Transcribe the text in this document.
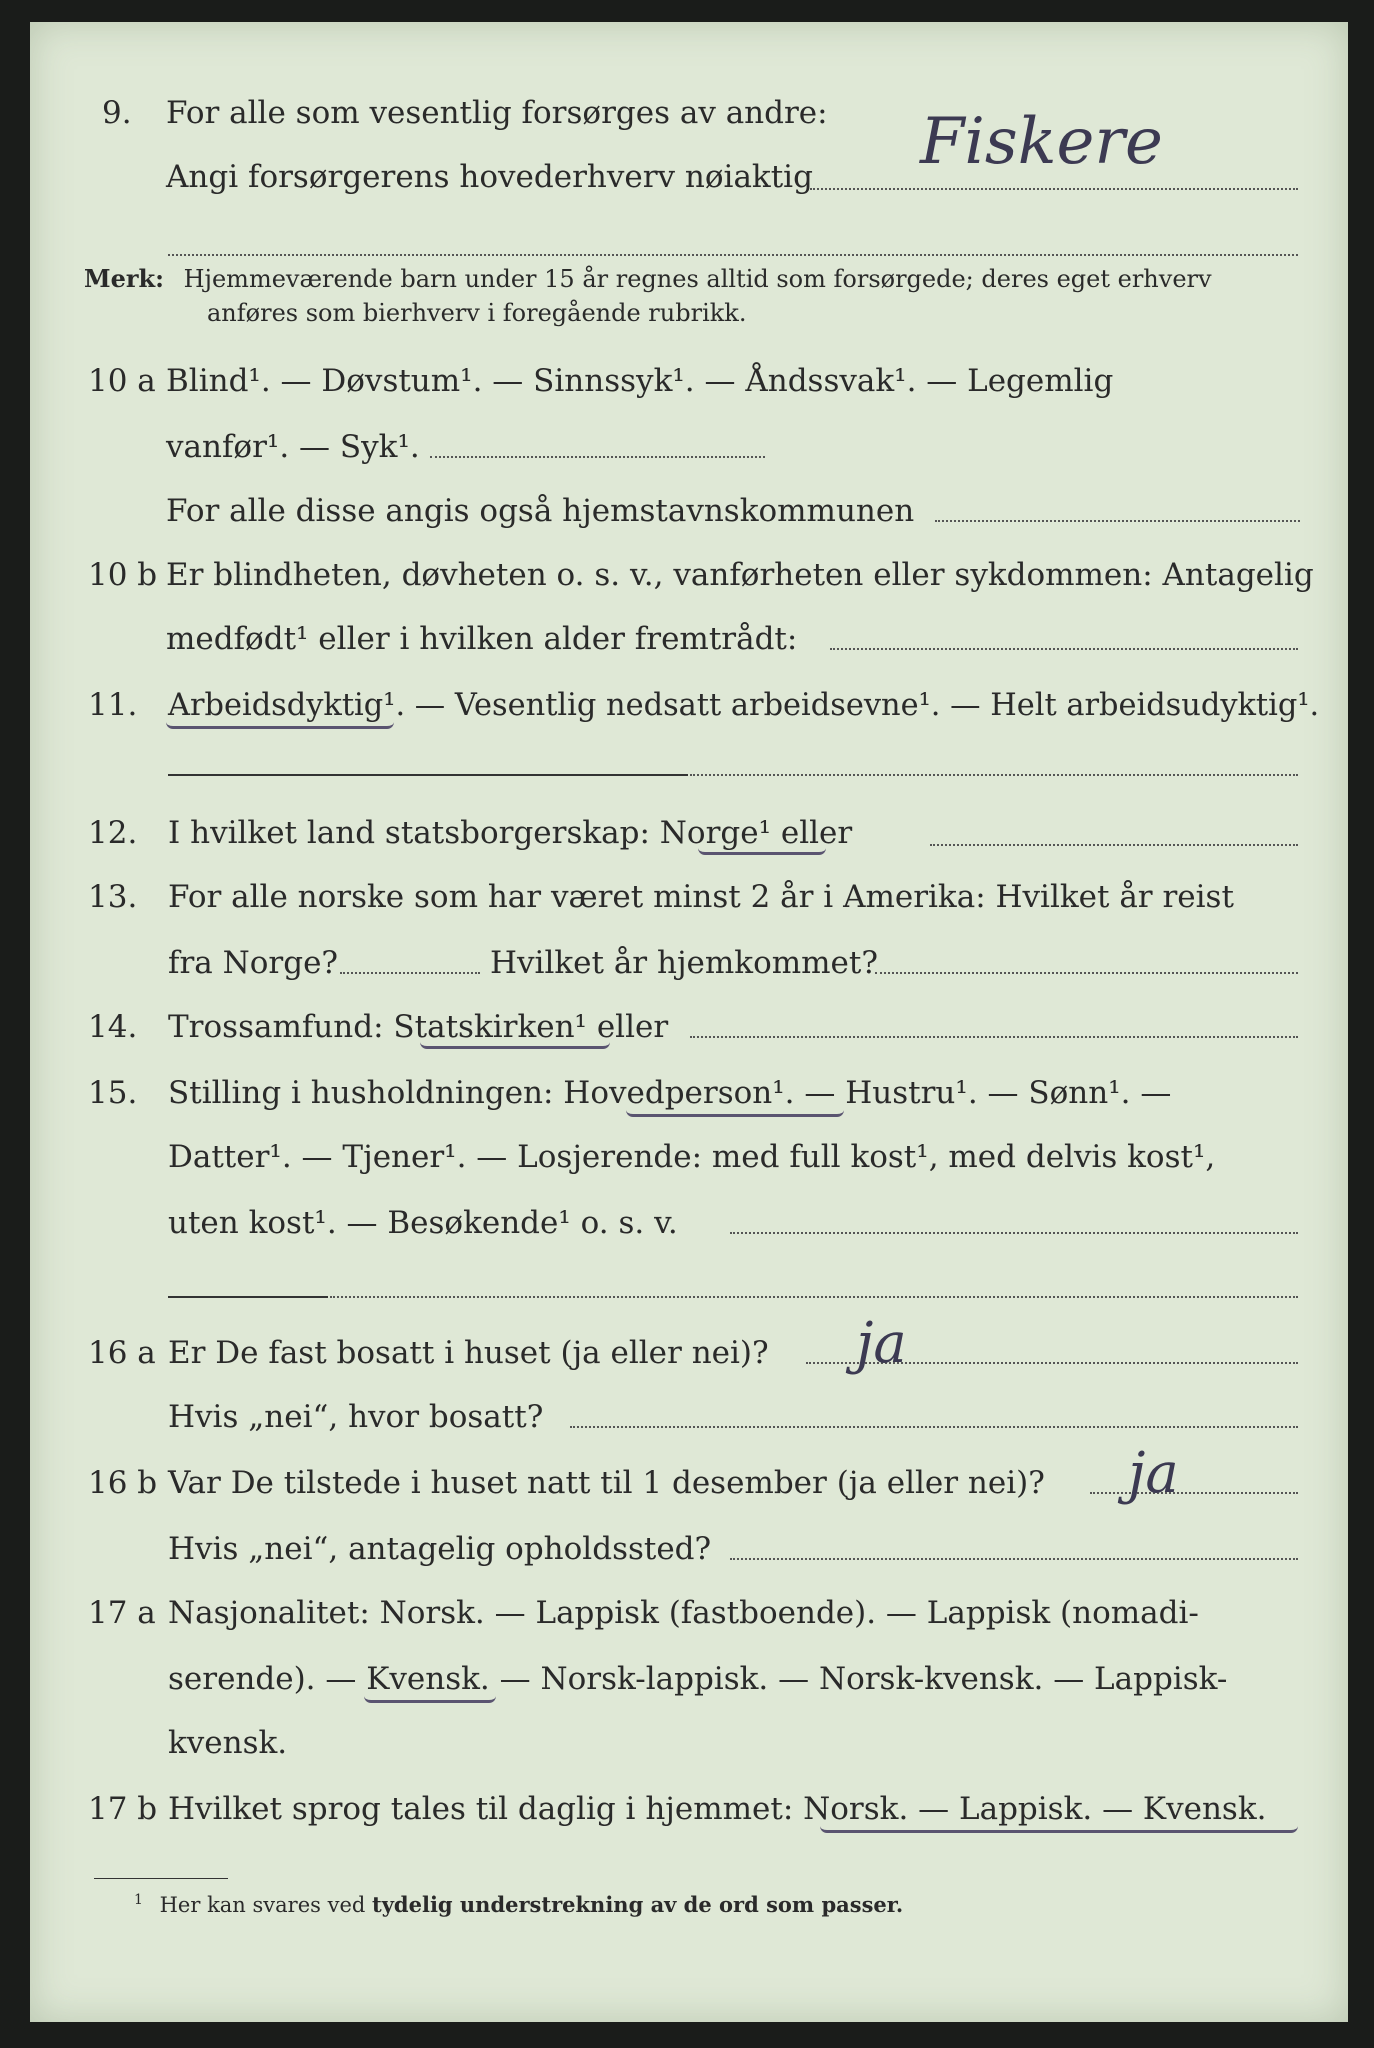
9. For alle som vesentlig forsørges av andre:
Angi forsørgerens hovederhverv nøiaktig Fiskere
Merk: Hjemmeværende barn under 15 år regnes alltid som forsørgede; deres eget erhverv
anføres som bierhverv i foregående rubrikk.
10 a Blind¹. — Døvstum¹. — Sinnssyk¹. — Åndssvak¹. — Legemlig
vanfør¹. — Syk¹.
For alle disse angis også hjemstavnskommunen
10 b Er blindheten, døvheten o. s. v., vanførheten eller sykdommen: Antagelig
medfødt¹ eller i hvilken alder fremtrådt:
11. Arbeidsdyktig¹. — Vesentlig nedsatt arbeidsevne¹. — Helt arbeidsudyktig¹.
12. I hvilket land statsborgerskap: Norge¹ eller
13. For alle norske som har været minst 2 år i Amerika: Hvilket år reist
fra Norge?	Hvilket år hjemkommet?
14. Trossamfund: Statskirken¹ eller
15. Stilling i husholdningen: Hovedperson¹. — Hustru¹. — Sønn¹. —
Datter¹. — Tjener¹. — Losjerende: med full kost¹, med delvis kost¹,
uten kost¹. — Besøkende¹ o. s. v.
16 a Er De fast bosatt i huset (ja eller nei)? ja
Hvis „nei“, hvor bosatt?
16 b Var De tilstede i huset natt til 1 desember (ja eller nei)? ja
Hvis „nei“, antagelig opholdssted?
17 a Nasjonalitet: Norsk. — Lappisk (fastboende). — Lappisk (nomadi-
serende). — Kvensk. — Norsk-lappisk. — Norsk-kvensk. — Lappisk-
kvensk.
17 b Hvilket sprog tales til daglig i hjemmet: Norsk. — Lappisk. — Kvensk.
$^1$ Her kan svares ved tydelig understrekning av de ord som passer.
